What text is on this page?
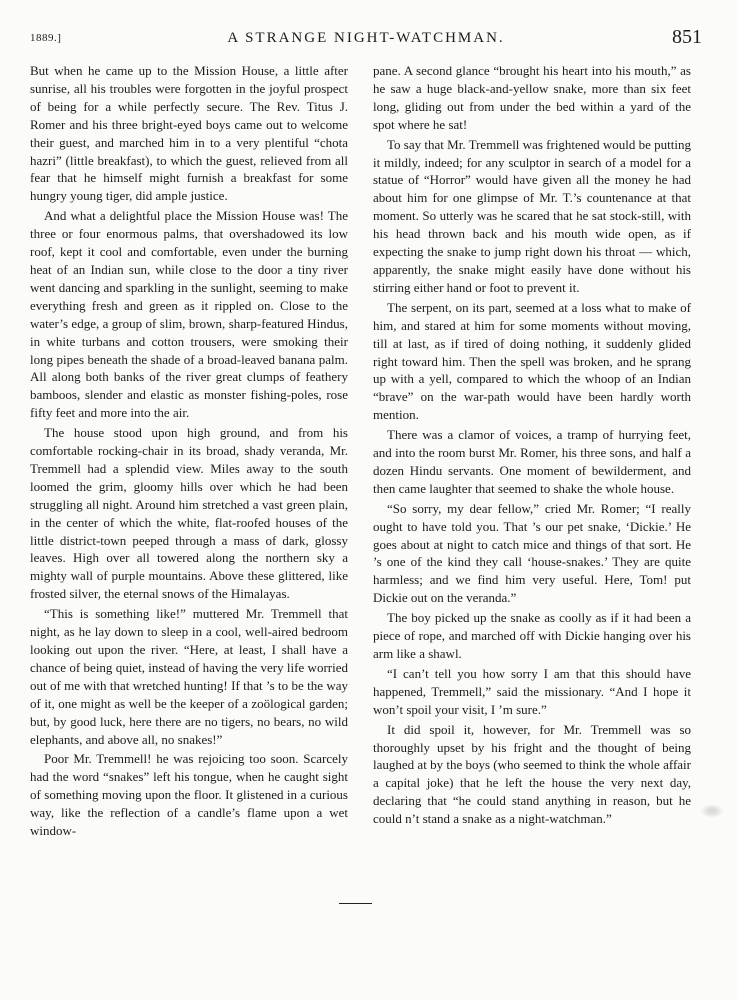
1889.]	A STRANGE NIGHT-WATCHMAN.	851

But when he came up to the Mission House, a little after sunrise, all his troubles were forgotten in the joyful prospect of being for a while perfectly secure. The Rev. Titus J. Romer and his three bright-eyed boys came out to welcome their guest, and marched him in to a very plentiful “chota hazri” (little breakfast), to which the guest, relieved from all fear that he himself might furnish a breakfast for some hungry young tiger, did ample justice.

And what a delightful place the Mission House was! The three or four enormous palms, that overshadowed its low roof, kept it cool and comfortable, even under the burning heat of an Indian sun, while close to the door a tiny river went dancing and sparkling in the sunlight, seeming to make everything fresh and green as it rippled on. Close to the water’s edge, a group of slim, brown, sharp-featured Hindus, in white turbans and cotton trousers, were smoking their long pipes beneath the shade of a broad-leaved banana palm. All along both banks of the river great clumps of feathery bamboos, slender and elastic as monster fishing-poles, rose fifty feet and more into the air.

The house stood upon high ground, and from his comfortable rocking-chair in its broad, shady veranda, Mr. Tremmell had a splendid view. Miles away to the south loomed the grim, gloomy hills over which he had been struggling all night. Around him stretched a vast green plain, in the center of which the white, flat-roofed houses of the little district-town peeped through a mass of dark, glossy leaves. High over all towered along the northern sky a mighty wall of purple mountains. Above these glittered, like frosted silver, the eternal snows of the Himalayas.

“This is something like!” muttered Mr. Tremmell that night, as he lay down to sleep in a cool, well-aired bedroom looking out upon the river. “Here, at least, I shall have a chance of being quiet, instead of having the very life worried out of me with that wretched hunting! If that ’s to be the way of it, one might as well be the keeper of a zoölogical garden; but, by good luck, here there are no tigers, no bears, no wild elephants, and above all, no snakes!”

Poor Mr. Tremmell! he was rejoicing too soon. Scarcely had the word “snakes” left his tongue, when he caught sight of something moving upon the floor. It glistened in a curious way, like the reflection of a candle’s flame upon a wet window-

pane. A second glance “brought his heart into his mouth,” as he saw a huge black-and-yellow snake, more than six feet long, gliding out from under the bed within a yard of the spot where he sat!

To say that Mr. Tremmell was frightened would be putting it mildly, indeed; for any sculptor in search of a model for a statue of “Horror” would have given all the money he had about him for one glimpse of Mr. T.’s countenance at that moment. So utterly was he scared that he sat stock-still, with his head thrown back and his mouth wide open, as if expecting the snake to jump right down his throat — which, apparently, the snake might easily have done without his stirring either hand or foot to prevent it.

The serpent, on its part, seemed at a loss what to make of him, and stared at him for some moments without moving, till at last, as if tired of doing nothing, it suddenly glided right toward him. Then the spell was broken, and he sprang up with a yell, compared to which the whoop of an Indian “brave” on the war-path would have been hardly worth mention.

There was a clamor of voices, a tramp of hurrying feet, and into the room burst Mr. Romer, his three sons, and half a dozen Hindu servants. One moment of bewilderment, and then came laughter that seemed to shake the whole house.

“So sorry, my dear fellow,” cried Mr. Romer; “I really ought to have told you. That ’s our pet snake, ‘Dickie.’ He goes about at night to catch mice and things of that sort. He ’s one of the kind they call ‘house-snakes.’ They are quite harmless; and we find him very useful. Here, Tom! put Dickie out on the veranda.”

The boy picked up the snake as coolly as if it had been a piece of rope, and marched off with Dickie hanging over his arm like a shawl.

“I can’t tell you how sorry I am that this should have happened, Tremmell,” said the missionary. “And I hope it won’t spoil your visit, I ’m sure.”

It did spoil it, however, for Mr. Tremmell was so thoroughly upset by his fright and the thought of being laughed at by the boys (who seemed to think the whole affair a capital joke) that he left the house the very next day, declaring that “he could stand anything in reason, but he could n’t stand a snake as a night-watchman.”
